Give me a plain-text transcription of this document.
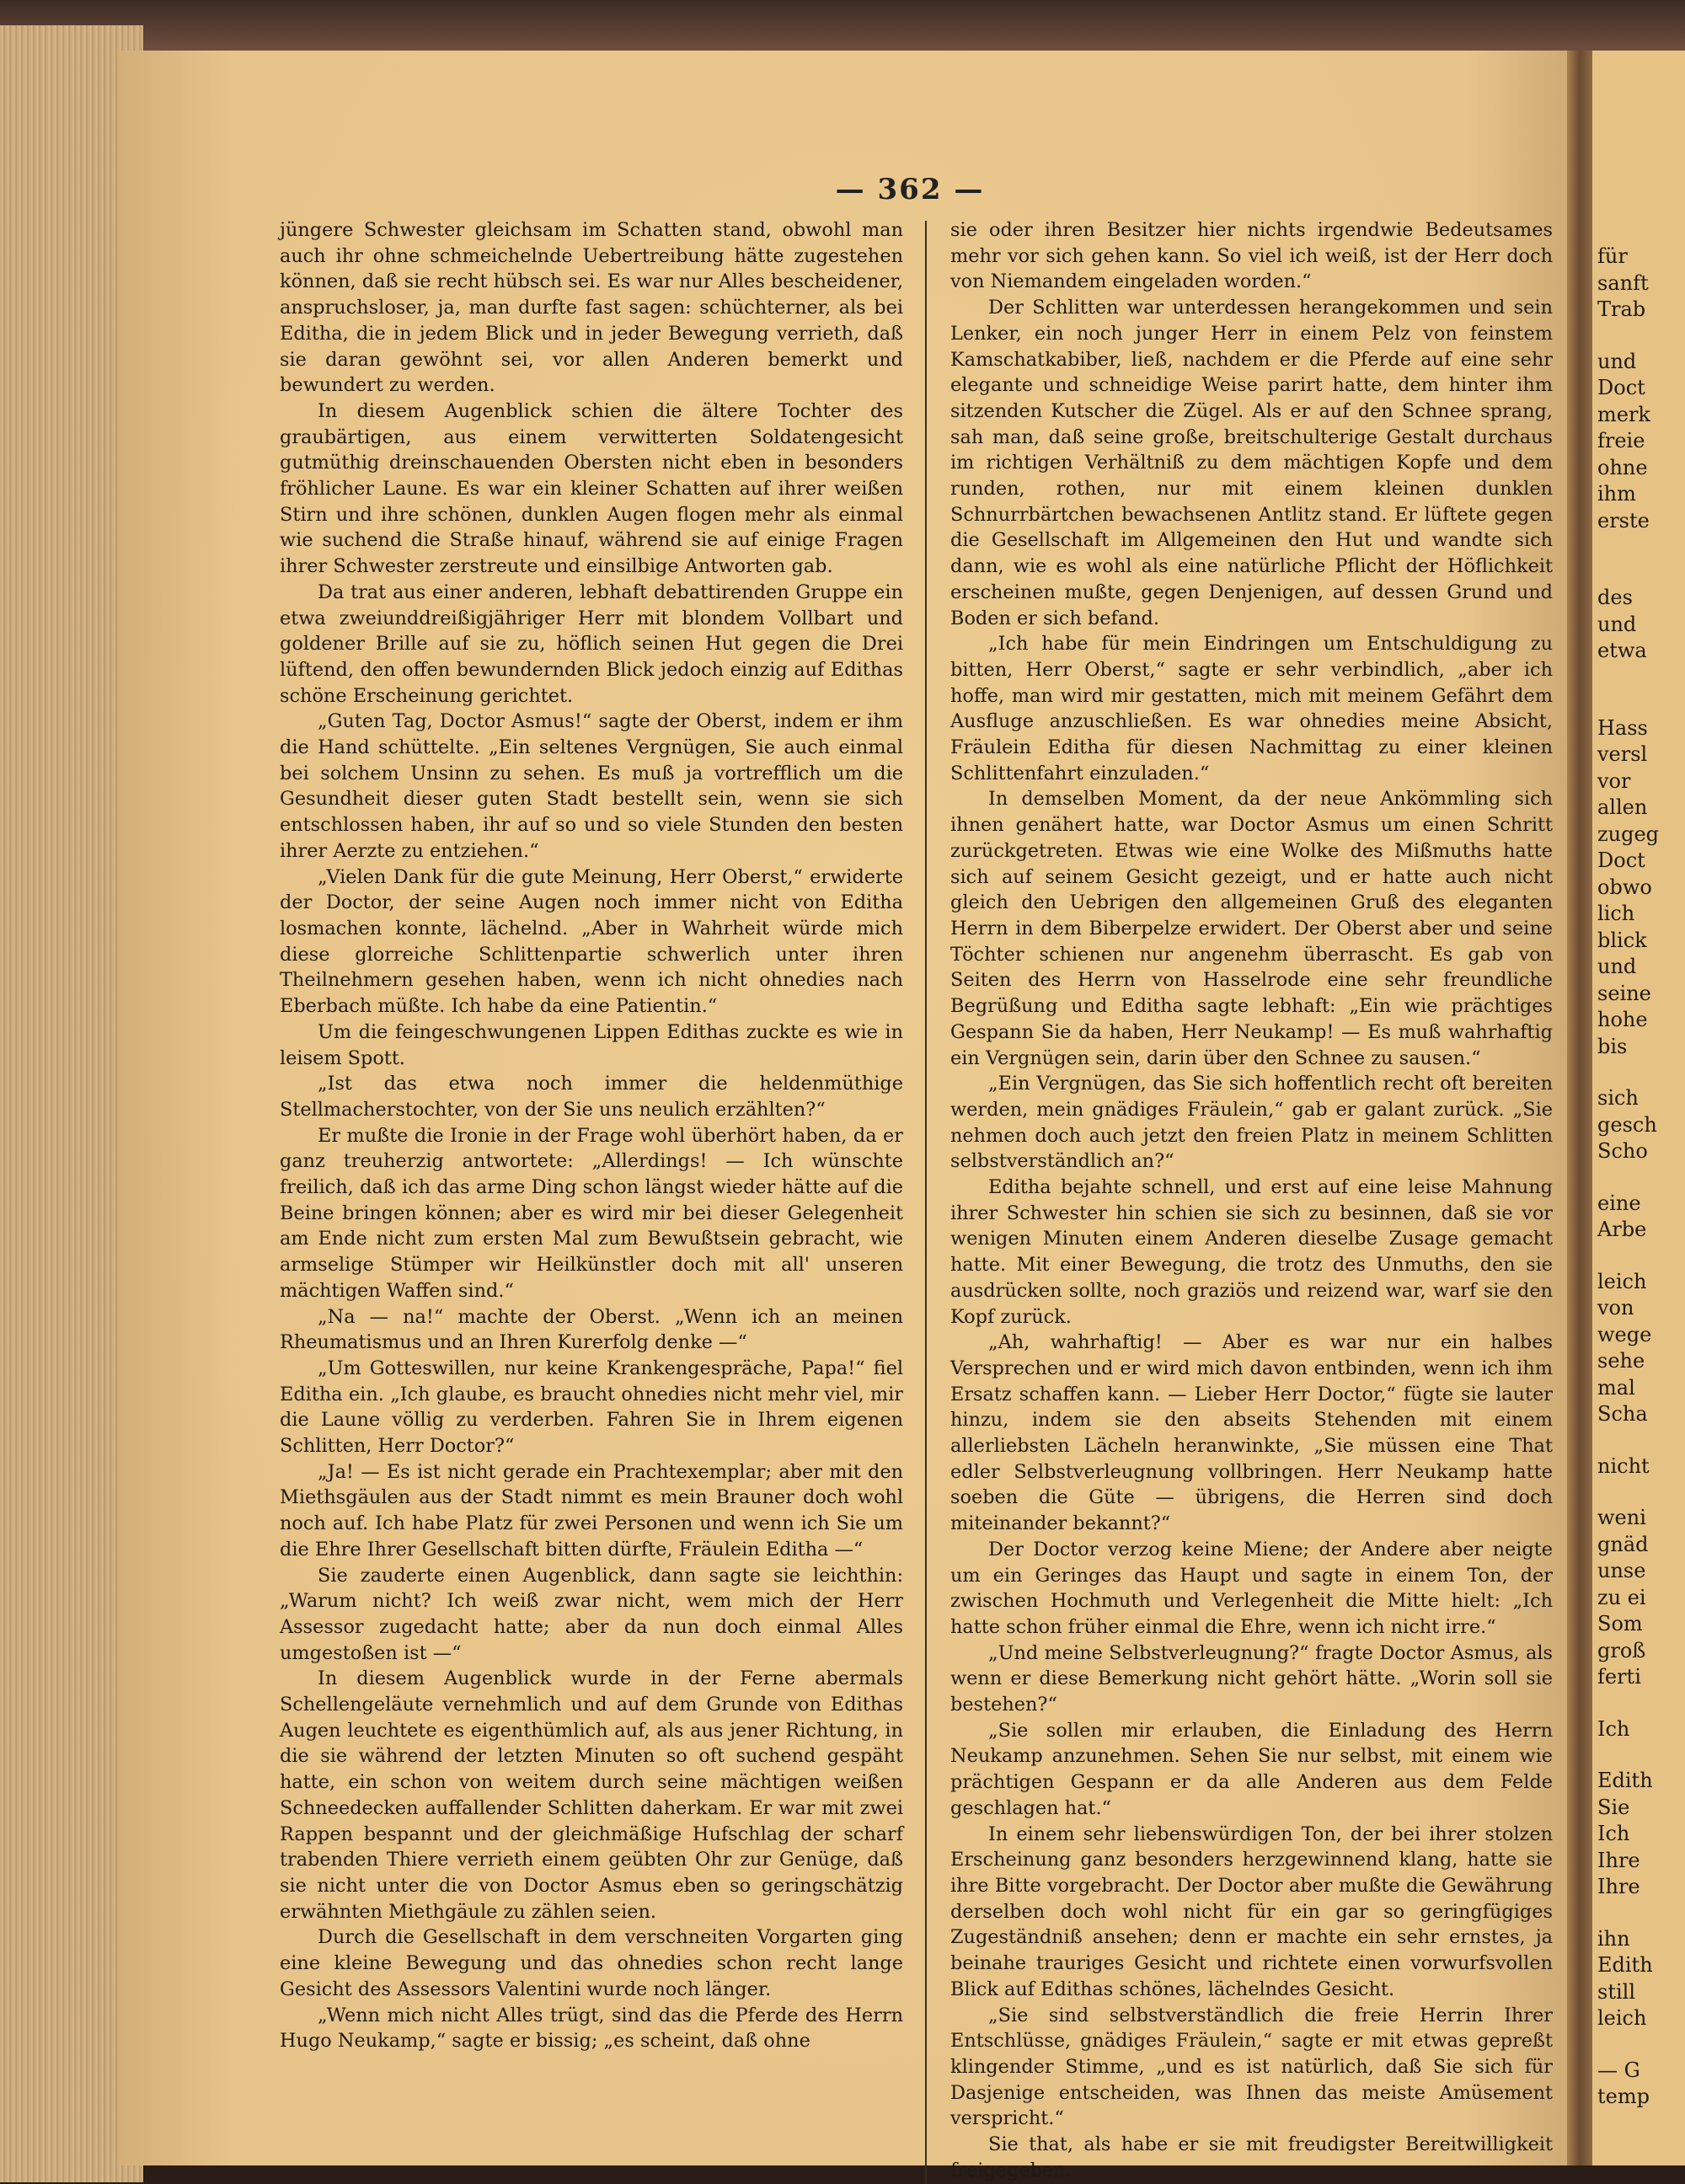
— 362 —

jüngere Schwester gleichsam im Schatten stand, obwohl man auch ihr ohne schmeichelnde Uebertreibung hätte zugestehen können, daß sie recht hübsch sei. Es war nur Alles bescheidener, anspruchsloser, ja, man durfte fast sagen: schüchterner, als bei Editha, die in jedem Blick und in jeder Bewegung verrieth, daß sie daran gewöhnt sei, vor allen Anderen bemerkt und bewundert zu werden.

In diesem Augenblick schien die ältere Tochter des graubärtigen, aus einem verwitterten Soldatengesicht gutmüthig dreinschauenden Obersten nicht eben in besonders fröhlicher Laune. Es war ein kleiner Schatten auf ihrer weißen Stirn und ihre schönen, dunklen Augen flogen mehr als einmal wie suchend die Straße hinauf, während sie auf einige Fragen ihrer Schwester zerstreute und einsilbige Antworten gab.

Da trat aus einer anderen, lebhaft debattirenden Gruppe ein etwa zweiunddreißigjähriger Herr mit blondem Vollbart und goldener Brille auf sie zu, höflich seinen Hut gegen die Drei lüftend, den offen bewundernden Blick jedoch einzig auf Edithas schöne Erscheinung gerichtet.

„Guten Tag, Doctor Asmus!“ sagte der Oberst, indem er ihm die Hand schüttelte. „Ein seltenes Vergnügen, Sie auch einmal bei solchem Unsinn zu sehen. Es muß ja vortrefflich um die Gesundheit dieser guten Stadt bestellt sein, wenn sie sich entschlossen haben, ihr auf so und so viele Stunden den besten ihrer Aerzte zu entziehen.“

„Vielen Dank für die gute Meinung, Herr Oberst,“ erwiderte der Doctor, der seine Augen noch immer nicht von Editha losmachen konnte, lächelnd. „Aber in Wahrheit würde mich diese glorreiche Schlittenpartie schwerlich unter ihren Theilnehmern gesehen haben, wenn ich nicht ohnedies nach Eberbach müßte. Ich habe da eine Patientin.“

Um die feingeschwungenen Lippen Edithas zuckte es wie in leisem Spott.

„Ist das etwa noch immer die heldenmüthige Stellmacherstochter, von der Sie uns neulich erzählten?“

Er mußte die Ironie in der Frage wohl überhört haben, da er ganz treuherzig antwortete: „Allerdings! — Ich wünschte freilich, daß ich das arme Ding schon längst wieder hätte auf die Beine bringen können; aber es wird mir bei dieser Gelegenheit am Ende nicht zum ersten Mal zum Bewußtsein gebracht, wie armselige Stümper wir Heilkünstler doch mit all' unseren mächtigen Waffen sind.“

„Na — na!“ machte der Oberst. „Wenn ich an meinen Rheumatismus und an Ihren Kurerfolg denke —“

„Um Gotteswillen, nur keine Krankengespräche, Papa!“ fiel Editha ein. „Ich glaube, es braucht ohnedies nicht mehr viel, mir die Laune völlig zu verderben. Fahren Sie in Ihrem eigenen Schlitten, Herr Doctor?“

„Ja! — Es ist nicht gerade ein Prachtexemplar; aber mit den Miethsgäulen aus der Stadt nimmt es mein Brauner doch wohl noch auf. Ich habe Platz für zwei Personen und wenn ich Sie um die Ehre Ihrer Gesellschaft bitten dürfte, Fräulein Editha —“

Sie zauderte einen Augenblick, dann sagte sie leichthin: „Warum nicht? Ich weiß zwar nicht, wem mich der Herr Assessor zugedacht hatte; aber da nun doch einmal Alles umgestoßen ist —“

In diesem Augenblick wurde in der Ferne abermals Schellengeläute vernehmlich und auf dem Grunde von Edithas Augen leuchtete es eigenthümlich auf, als aus jener Richtung, in die sie während der letzten Minuten so oft suchend gespäht hatte, ein schon von weitem durch seine mächtigen weißen Schneedecken auffallender Schlitten daherkam. Er war mit zwei Rappen bespannt und der gleichmäßige Hufschlag der scharf trabenden Thiere verrieth einem geübten Ohr zur Genüge, daß sie nicht unter die von Doctor Asmus eben so geringschätzig erwähnten Miethgäule zu zählen seien.

Durch die Gesellschaft in dem verschneiten Vorgarten ging eine kleine Bewegung und das ohnedies schon recht lange Gesicht des Assessors Valentini wurde noch länger.

„Wenn mich nicht Alles trügt, sind das die Pferde des Herrn Hugo Neukamp,“ sagte er bissig; „es scheint, daß ohne

sie oder ihren Besitzer hier nichts irgendwie Bedeutsames mehr vor sich gehen kann. So viel ich weiß, ist der Herr doch von Niemandem eingeladen worden.“

Der Schlitten war unterdessen herangekommen und sein Lenker, ein noch junger Herr in einem Pelz von feinstem Kamschatkabiber, ließ, nachdem er die Pferde auf eine sehr elegante und schneidige Weise parirt hatte, dem hinter ihm sitzenden Kutscher die Zügel. Als er auf den Schnee sprang, sah man, daß seine große, breitschulterige Gestalt durchaus im richtigen Verhältniß zu dem mächtigen Kopfe und dem runden, rothen, nur mit einem kleinen dunklen Schnurrbärtchen bewachsenen Antlitz stand. Er lüftete gegen die Gesellschaft im Allgemeinen den Hut und wandte sich dann, wie es wohl als eine natürliche Pflicht der Höflichkeit erscheinen mußte, gegen Denjenigen, auf dessen Grund und Boden er sich befand.

„Ich habe für mein Eindringen um Entschuldigung zu bitten, Herr Oberst,“ sagte er sehr verbindlich, „aber ich hoffe, man wird mir gestatten, mich mit meinem Gefährt dem Ausfluge anzuschließen. Es war ohnedies meine Absicht, Fräulein Editha für diesen Nachmittag zu einer kleinen Schlittenfahrt einzuladen.“

In demselben Moment, da der neue Ankömmling sich ihnen genähert hatte, war Doctor Asmus um einen Schritt zurückgetreten. Etwas wie eine Wolke des Mißmuths hatte sich auf seinem Gesicht gezeigt, und er hatte auch nicht gleich den Uebrigen den allgemeinen Gruß des eleganten Herrn in dem Biberpelze erwidert. Der Oberst aber und seine Töchter schienen nur angenehm überrascht. Es gab von Seiten des Herrn von Hasselrode eine sehr freundliche Begrüßung und Editha sagte lebhaft: „Ein wie prächtiges Gespann Sie da haben, Herr Neukamp! — Es muß wahrhaftig ein Vergnügen sein, darin über den Schnee zu sausen.“

„Ein Vergnügen, das Sie sich hoffentlich recht oft bereiten werden, mein gnädiges Fräulein,“ gab er galant zurück. „Sie nehmen doch auch jetzt den freien Platz in meinem Schlitten selbstverständlich an?“

Editha bejahte schnell, und erst auf eine leise Mahnung ihrer Schwester hin schien sie sich zu besinnen, daß sie vor wenigen Minuten einem Anderen dieselbe Zusage gemacht hatte. Mit einer Bewegung, die trotz des Unmuths, den sie ausdrücken sollte, noch graziös und reizend war, warf sie den Kopf zurück.

„Ah, wahrhaftig! — Aber es war nur ein halbes Versprechen und er wird mich davon entbinden, wenn ich ihm Ersatz schaffen kann. — Lieber Herr Doctor,“ fügte sie lauter hinzu, indem sie den abseits Stehenden mit einem allerliebsten Lächeln heranwinkte, „Sie müssen eine That edler Selbstverleugnung vollbringen. Herr Neukamp hatte soeben die Güte — übrigens, die Herren sind doch miteinander bekannt?“

Der Doctor verzog keine Miene; der Andere aber neigte um ein Geringes das Haupt und sagte in einem Ton, der zwischen Hochmuth und Verlegenheit die Mitte hielt: „Ich hatte schon früher einmal die Ehre, wenn ich nicht irre.“

„Und meine Selbstverleugnung?“ fragte Doctor Asmus, als wenn er diese Bemerkung nicht gehört hätte. „Worin soll sie bestehen?“

„Sie sollen mir erlauben, die Einladung des Herrn Neukamp anzunehmen. Sehen Sie nur selbst, mit einem wie prächtigen Gespann er da alle Anderen aus dem Felde geschlagen hat.“

In einem sehr liebenswürdigen Ton, der bei ihrer stolzen Erscheinung ganz besonders herzgewinnend klang, hatte sie ihre Bitte vorgebracht. Der Doctor aber mußte die Gewährung derselben doch wohl nicht für ein gar so geringfügiges Zugeständniß ansehen; denn er machte ein sehr ernstes, ja beinahe trauriges Gesicht und richtete einen vorwurfsvollen Blick auf Edithas schönes, lächelndes Gesicht.

„Sie sind selbstverständlich die freie Herrin Ihrer Entschlüsse, gnädiges Fräulein,“ sagte er mit etwas gepreßt klingender Stimme, „und es ist natürlich, daß Sie sich für Dasjenige entscheiden, was Ihnen das meiste Amüsement verspricht.“

Sie that, als habe er sie mit freudigster Bereitwilligkeit freigegeben.

für
sanft
Trab
und
Doct
merk
freie
ohne
ihm
erste
des
und
etwa
Hass
versl
vor
allen
zugeg
Doct
obwo
lich
blick
und
seine
hohe
bis
sich
gesch
Scho
eine
Arbe
leich
von
wege
sehe
mal
Scha
nicht
weni
gnäd
unse
zu ei
Som
groß
ferti
Ich
Edith
Sie
Ich
Ihre
Ihre
ihn
Edith
still
leich
— G
temp
